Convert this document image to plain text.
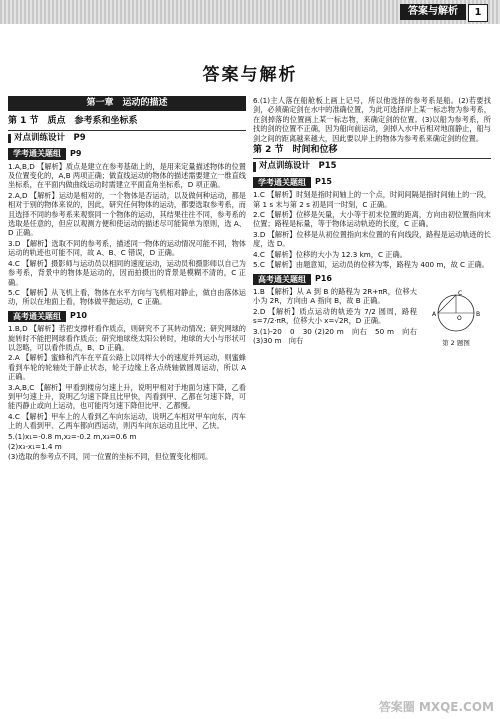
答案与解析	1
答案与解析
第一章　运动的描述
第 1 节　质点　参考系和坐标系
对点训练设计　P9
学考通关题组	P9
1.A,B,D 【解析】质点是建立在参考基础上的，是用来定量描述物体的位置及位置变化的，A,B 两项正确；做直线运动的物体的描述需要建立一维直线坐标系，在平面内做曲线运动时需建立平面直角坐标系，D 项正确。
2.A,D 【解析】运动是相对的，一个物体是否运动，以及做何种运动，都是相对于别的物体来说的，因此，研究任何物体的运动，都要选取参考系，而且选择不同的参考系来观察同一个物体的运动，其结果往往不同，参考系的选取是任意的，但应以观测方便和使运动的描述尽可能简单为原则，选 A、D 正确。
3.D 【解析】选取不同的参考系，描述同一物体的运动情况可能不同，物体运动的轨迹也可能不同，故 A、B、C 错误，D 正确。
4.C 【解析】摄影师与运动员以相同的速度运动，运动员和摄影师以自己为参考系，背景中的物体是运动的，因而拍摄出的背景是模糊不清的，C 正确。
5.C 【解析】从飞机上看，物体在水平方向与飞机相对静止，做自由落体运动，所以在地面上看，物体做平抛运动，C 正确。
高考通关题组	P10
1.B,D 【解析】若把支撑杆看作质点，则研究不了其转动情况；研究网球的旋转时不能把网球看作质点；研究地球绕太阳公转时，地球的大小与形状可以忽略，可以看作质点，B、D 正确。
2.A 【解析】蜜蜂和汽车在平直公路上以同样大小的速度并列运动，则蜜蜂看到车轮的轮轴处于静止状态，轮子边缘上各点绕轴做圆周运动，所以 A 正确。
3.A,B,C 【解析】甲看到楼房匀速上升，说明甲相对于地面匀速下降，乙看到甲匀速上升，说明乙匀速下降且比甲快，丙看到甲、乙都在匀速下降，可能丙静止或向上运动，也可能丙匀速下降但比甲、乙都慢。
4.C 【解析】甲车上的人看到乙车向东运动，说明乙车相对甲车向东，丙车上的人看到甲、乙两车都向西运动，则丙车向东运动且比甲、乙快。
5.(1)x₁=-0.8 m,x₂=-0.2 m,x₃=0.6 m
(2)x₃-x₁=1.4 m
(3)选取的参考点不同，同一位置的坐标不同，但位置变化相同。
6.(1)主人落在船舱板上画上记号，所以他选择的参考系是船。(2)若要找剑，必须确定剑在水中的准确位置，为此可选择岸上某一标志物为参考系，在剑掉落的位置画上某一标志物，来确定剑的位置。(3)以船为参考系，所找的剑的位置不正确，因为船向前运动，剑掉入水中后相对地面静止，船与剑之间的距离越来越大，因此要以岸上的物体为参考系来确定剑的位置。
第 2 节　时间和位移
对点训练设计　P15
学考通关题组	P15
1.C 【解析】时刻是指时间轴上的一个点，时间间隔是指时间轴上的一段，第 1 s 末与第 2 s 初是同一时刻，C 正确。
2.C 【解析】位移是矢量，大小等于初末位置的距离，方向由初位置指向末位置；路程是标量，等于物体运动轨迹的长度，C 正确。
3.D 【解析】位移是从初位置指向末位置的有向线段，路程是运动轨迹的长度，选 D。
4.C 【解析】位移的大小为 12.3 km，C 正确。
5.C 【解析】由题意知，运动员的位移为零，路程为 400 m，故 C 正确。
高考通关题组	P16
A	B
C
O
第 2 题图
1.B 【解析】从 A 到 B 的路程为 2R+πR，位移大小为 2R，方向由 A 指向 B，故 B 正确。
2.D 【解析】质点运动的轨迹为 7/2 圆周，路程 s=7/2·πR，位移大小 x=√2R，D 正确。
3.(1)-20　0　30 (2)20 m　向右　50 m　向右 (3)30 m　向右
答案圈 MXQE.COM
